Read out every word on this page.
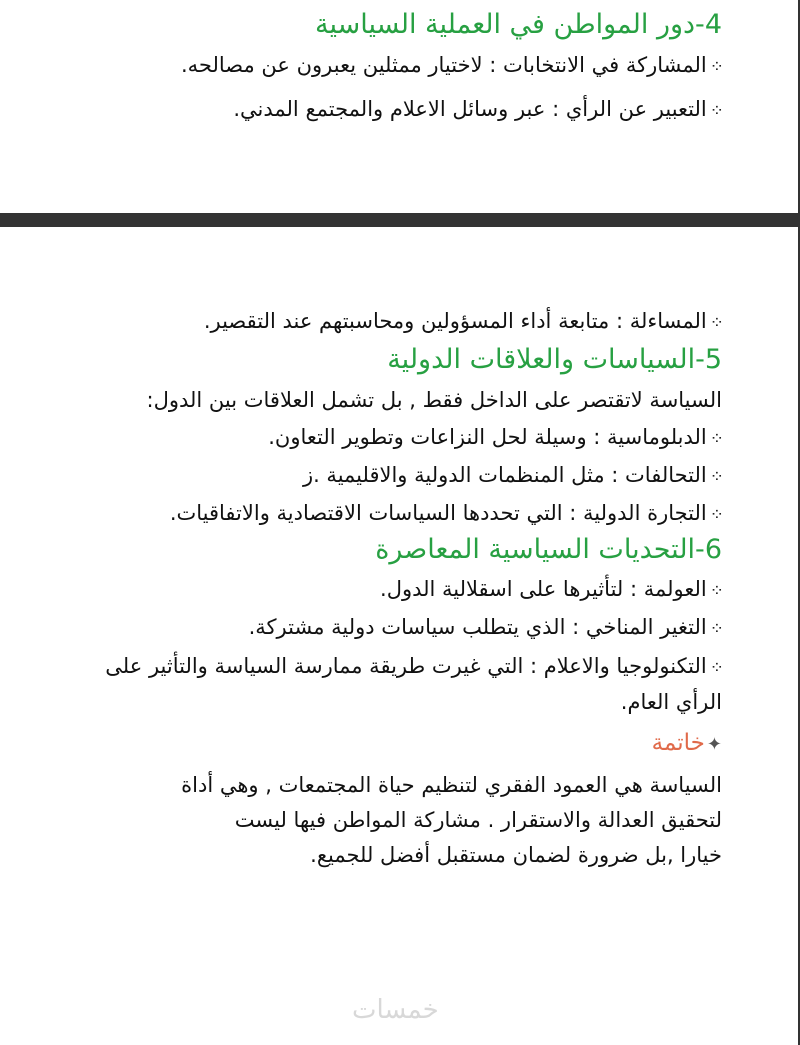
4-دور المواطن في العملية السياسية

⁘المشاركة في الانتخابات : لاختيار ممثلين يعبرون عن مصالحه.

⁘التعبير عن الرأي : عبر وسائل الاعلام والمجتمع المدني.

⁘المساءلة : متابعة أداء المسؤولين ومحاسبتهم عند التقصير.

5-السياسات والعلاقات الدولية

السياسة لاتقتصر على الداخل فقط , بل تشمل العلاقات بين الدول:

⁘الدبلوماسية : وسيلة لحل النزاعات وتطوير التعاون.

⁘التحالفات : مثل المنظمات الدولية والاقليمية .ز

⁘التجارة الدولية : التي تحددها السياسات الاقتصادية والاتفاقيات.

6-التحديات السياسية المعاصرة

⁘العولمة : لتأثيرها على اسقلالية الدول.

⁘التغير المناخي : الذي يتطلب سياسات دولية مشتركة.

⁘التكنولوجيا والاعلام : التي غيرت طريقة ممارسة السياسة والتأثير على الرأي العام.

✦خاتمة

السياسة هي العمود الفقري لتنظيم حياة المجتمعات , وهي أداة

لتحقيق العدالة والاستقرار . مشاركة المواطن فيها ليست

خيارا ,بل ضرورة لضمان مستقبل أفضل للجميع.

خمسات
